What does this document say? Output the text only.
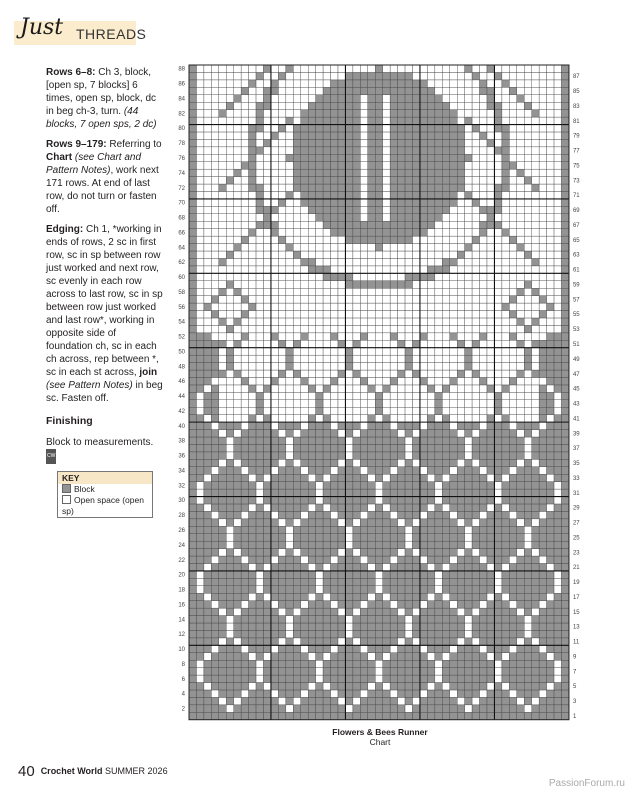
Just THREADS

Rows 6–8: Ch 3, block, [open sp, 7 blocks] 6 times, open sp, block, dc in beg ch-3, turn. (44 blocks, 7 open sps, 2 dc)

Rows 9–179: Referring to Chart (see Chart and Pattern Notes), work next 171 rows. At end of last row, do not turn or fasten off.

Edging: Ch 1, *working in ends of rows, 2 sc in first row, sc in sp between row just worked and next row, sc evenly in each row across to last row, sc in sp between row just worked and last row*, working in opposite side of foundation ch, sc in each ch across, rep between *, sc in each st across, join (see Pattern Notes) in beg sc. Fasten off.

Finishing

Block to measurements. CW

KEY
Block
Open space (open sp)
2
4
6
8
10
12
14
16
18
20
22
24
26
28
30
32
34
36
38
40
42
44
46
48
50
52
54
56
58
60
62
64
66
68
70
72
74
76
78
80
82
84
86
88
1
3
5
7
9
11
13
15
17
19
21
23
25
27
29
31
33
35
37
39
41
43
45
47
49
51
53
55
57
59
61
63
65
67
69
71
73
75
77
79
81
83
85
87
Flowers & Bees Runner
Chart
40 Crochet World SUMMER 2026
PassionForum.ru
